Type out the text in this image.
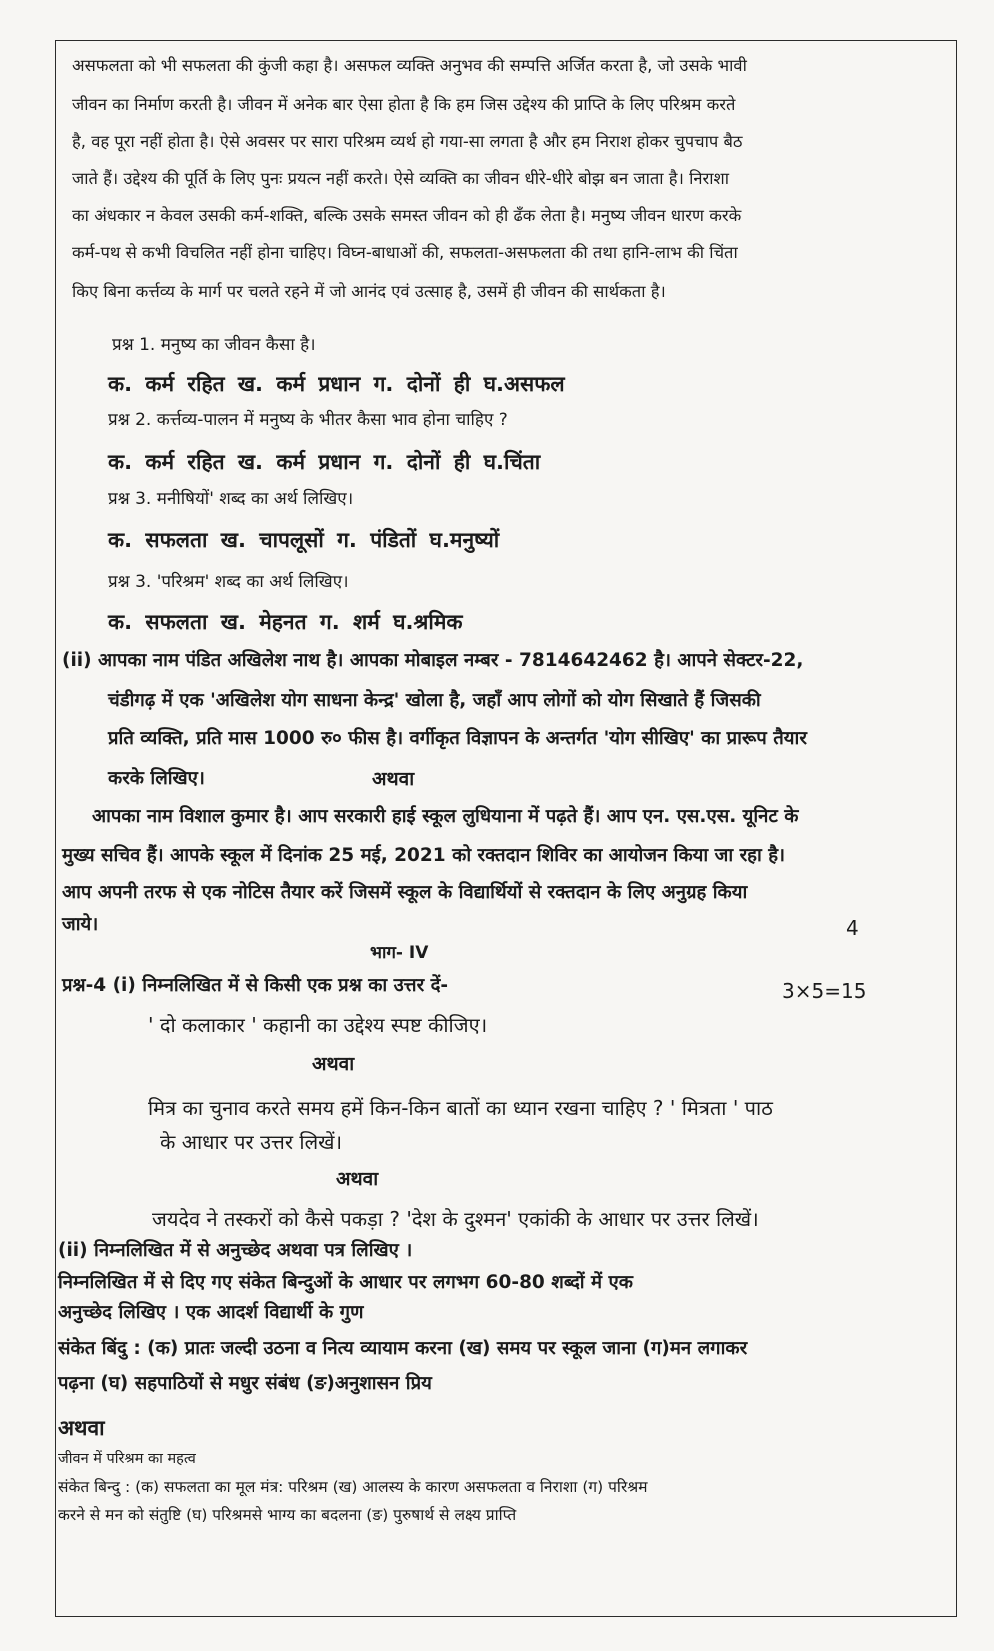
असफलता को भी सफलता की कुंजी कहा है। असफल व्यक्ति अनुभव की सम्पत्ति अर्जित करता है, जो उसके भावी
जीवन का निर्माण करती है। जीवन में अनेक बार ऐसा होता है कि हम जिस उद्देश्य की प्राप्ति के लिए परिश्रम करते
है, वह पूरा नहीं होता है। ऐसे अवसर पर सारा परिश्रम व्यर्थ हो गया-सा लगता है और हम निराश होकर चुपचाप बैठ
जाते हैं। उद्देश्य की पूर्ति के लिए पुनः प्रयत्न नहीं करते। ऐसे व्यक्ति का जीवन धीरे-धीरे बोझ बन जाता है। निराशा
का अंधकार न केवल उसकी कर्म-शक्ति, बल्कि उसके समस्त जीवन को ही ढँक लेता है। मनुष्य जीवन धारण करके
कर्म-पथ से कभी विचलित नहीं होना चाहिए। विघ्न-बाधाओं की, सफलता-असफलता की तथा हानि-लाभ की चिंता
किए बिना कर्त्तव्य के मार्ग पर चलते रहने में जो आनंद एवं उत्साह है, उसमें ही जीवन की सार्थकता है।
प्रश्न 1. मनुष्य का जीवन कैसा है।
क. कर्म रहित ख. कर्म प्रधान ग. दोनों ही घ.असफल
प्रश्न 2. कर्त्तव्य-पालन में मनुष्य के भीतर कैसा भाव होना चाहिए ?
क. कर्म रहित ख. कर्म प्रधान ग. दोनों ही घ.चिंता
प्रश्न 3. मनीषियों' शब्द का अर्थ लिखिए।
क. सफलता ख. चापलूसों ग. पंडितों घ.मनुष्यों
प्रश्न 3. 'परिश्रम' शब्द का अर्थ लिखिए।
क. सफलता ख. मेहनत ग. शर्म घ.श्रमिक
(ii) आपका नाम पंडित अखिलेश नाथ है। आपका मोबाइल नम्बर - 7814642462 है। आपने सेक्टर-22,
चंडीगढ़ में एक 'अखिलेश योग साधना केन्द्र' खोला है, जहाँ आप लोगों को योग सिखाते हैं जिसकी
प्रति व्यक्ति, प्रति मास 1000 रु० फीस है। वर्गीकृत विज्ञापन के अन्तर्गत 'योग सीखिए' का प्रारूप तैयार
करके लिखिए।	अथवा
आपका नाम विशाल कुमार है। आप सरकारी हाई स्कूल लुधियाना में पढ़ते हैं। आप एन. एस.एस. यूनिट के
मुख्य सचिव हैं। आपके स्कूल में दिनांक 25 मई, 2021 को रक्तदान शिविर का आयोजन किया जा रहा है।
आप अपनी तरफ से एक नोटिस तैयार करें जिसमें स्कूल के विद्यार्थियों से रक्तदान के लिए अनुग्रह किया
जाये।	4
भाग- IV
प्रश्न-4 (i) निम्नलिखित में से किसी एक प्रश्न का उत्तर दें-	3×5=15
' दो कलाकार ' कहानी का उद्देश्य स्पष्ट कीजिए।
अथवा
मित्र का चुनाव करते समय हमें किन-किन बातों का ध्यान रखना चाहिए ? ' मित्रता ' पाठ
के आधार पर उत्तर लिखें।
अथवा
जयदेव ने तस्करों को कैसे पकड़ा ? 'देश के दुश्मन' एकांकी के आधार पर उत्तर लिखें।
(ii) निम्नलिखित में से अनुच्छेद अथवा पत्र लिखिए ।
निम्नलिखित में से दिए गए संकेत बिन्दुओं के आधार पर लगभग 60-80 शब्दों में एक
अनुच्छेद लिखिए । एक आदर्श विद्यार्थी के गुण
संकेत बिंदु : (क) प्रातः जल्दी उठना व नित्य व्यायाम करना (ख) समय पर स्कूल जाना (ग)मन लगाकर
पढ़ना (घ) सहपाठियों से मधुर संबंध (ङ)अनुशासन प्रिय
अथवा
जीवन में परिश्रम का महत्व
संकेत बिन्दु : (क) सफलता का मूल मंत्र: परिश्रम (ख) आलस्य के कारण असफलता व निराशा (ग) परिश्रम
करने से मन को संतुष्टि (घ) परिश्रमसे भाग्य का बदलना (ङ) पुरुषार्थ से लक्ष्य प्राप्ति
